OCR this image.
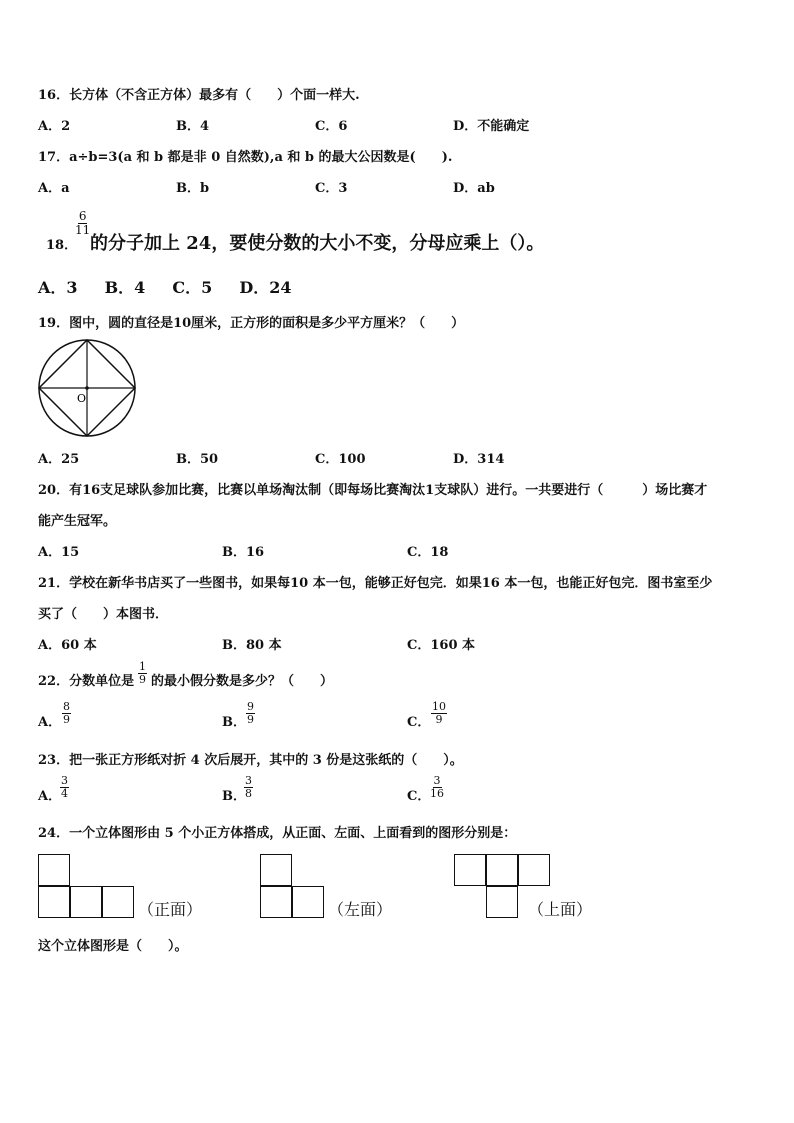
16．长方体（不含正方体）最多有（　　）个面一样大.
A．2	B．4	C．6	D．不能确定
17．a÷b=3(a 和 b 都是非 0 自然数),a 和 b 的最大公因数是(　　).
A．a	B．b	C．3	D．ab
18．
$\frac{6}{11}$
的分子加上 24，要使分数的大小不变，分母应乘上（）。
A．3 B．4 C．5 D．24
19．图中，圆的直径是10厘米，正方形的面积是多少平方厘米？（　　）
O
A．25	B．50	C．100	D．314
20．有16支足球队参加比赛，比赛以单场淘汰制（即每场比赛淘汰1支球队）进行。一共要进行（　　　）场比赛才
能产生冠军。
A．15	B．16	C．18
21．学校在新华书店买了一些图书，如果每10 本一包，能够正好包完．如果16 本一包，也能正好包完．图书室至少
买了（　　）本图书．
A．60 本	B．80 本	C．160 本
22．分数单位是 $\frac{1}{9}$ 的最小假分数是多少？（　　）
A． $\frac{8}{9}$	B． $\frac{9}{9}$	C． $\frac{10}{9}$
23．把一张正方形纸对折 4 次后展开，其中的 3 份是这张纸的（　　）。
A．
$\frac{3}{4}$	B．
$\frac{3}{8}$	C．
$\frac{3}{16}$
24．一个立体图形由 5 个小正方体搭成，从正面、左面、上面看到的图形分别是：
（正面）	（左面）	（上面）
这个立体图形是（　　）。
